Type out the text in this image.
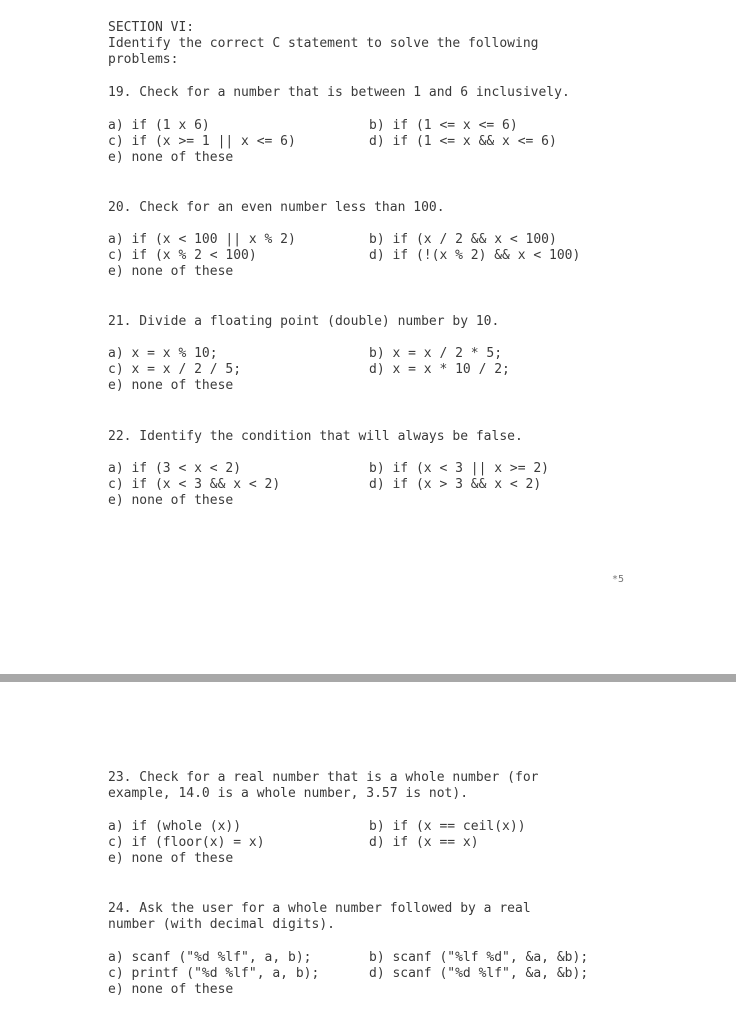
SECTION VI:
Identify the correct C statement to solve the following
problems:
19. Check for a number that is between 1 and 6 inclusively.
a) if (1 x 6)	b) if (1 <= x <= 6)
c) if (x >= 1 || x <= 6)	d) if (1 <= x && x <= 6)
e) none of these
20. Check for an even number less than 100.
a) if (x < 100 || x % 2)	b) if (x / 2 && x < 100)
c) if (x % 2 < 100)	d) if (!(x % 2) && x < 100)
e) none of these
21. Divide a floating point (double) number by 10.
a) x = x % 10;	b) x = x / 2 * 5;
c) x = x / 2 / 5;	d) x = x * 10 / 2;
e) none of these
22. Identify the condition that will always be false.
a) if (3 < x < 2)	b) if (x < 3 || x >= 2)
c) if (x < 3 && x < 2)	d) if (x > 3 && x < 2)
e) none of these
*5
23. Check for a real number that is a whole number (for
example, 14.0 is a whole number, 3.57 is not).
a) if (whole (x))	b) if (x == ceil(x))
c) if (floor(x) = x)	d) if (x == x)
e) none of these
24. Ask the user for a whole number followed by a real
number (with decimal digits).
a) scanf ("%d %lf", a, b);	b) scanf ("%lf %d", &a, &b);
c) printf ("%d %lf", a, b);	d) scanf ("%d %lf", &a, &b);
e) none of these
